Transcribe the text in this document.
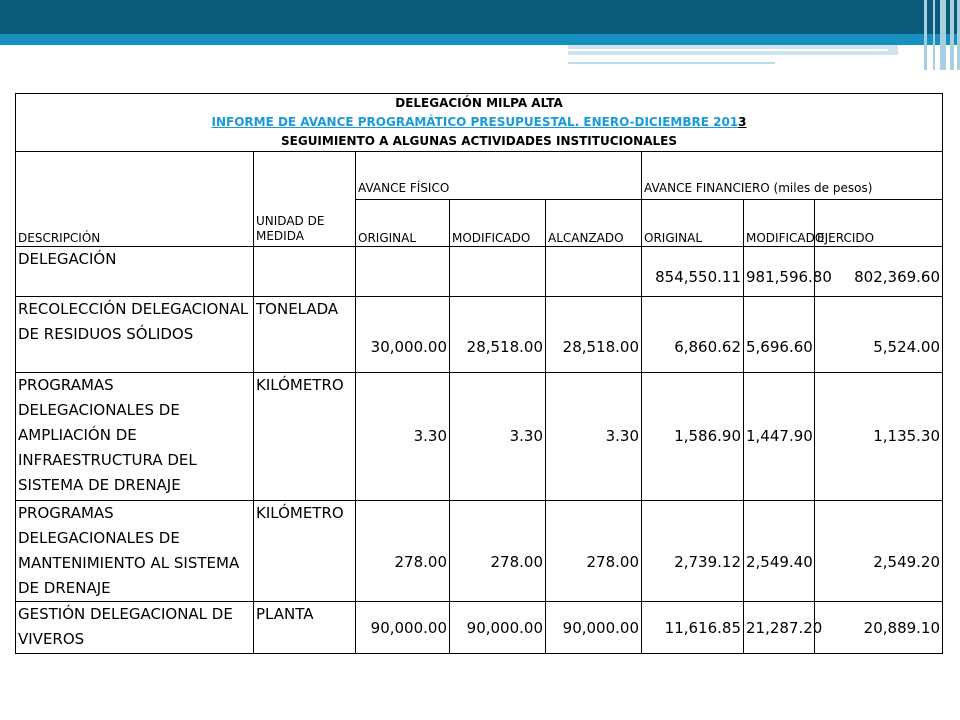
DELEGACIÓN MILPA ALTA
INFORME DE AVANCE PROGRAMÁTICO PRESUPUESTAL. ENERO-DICIEMBRE 2013
SEGUIMIENTO A ALGUNAS ACTIVIDADES INSTITUCIONALES							

DESCRIPCIÓN	UNIDAD DE MEDIDA	AVANCE FÍSICO			AVANCE FINANCIERO (miles de pesos)		
		ORIGINAL	MODIFICADO	ALCANZADO	ORIGINAL	MODIFICADO	EJERCIDO
DELEGACIÓN					854,550.11	981,596.80	802,369.60
RECOLECCIÓN DELEGACIONAL DE RESIDUOS SÓLIDOS	TONELADA	30,000.00	28,518.00	28,518.00	6,860.62	5,696.60	5,524.00
PROGRAMAS DELEGACIONALES DE AMPLIACIÓN DE INFRAESTRUCTURA DEL SISTEMA DE DRENAJE	KILÓMETRO	3.30	3.30	3.30	1,586.90	1,447.90	1,135.30
PROGRAMAS DELEGACIONALES DE MANTENIMIENTO AL SISTEMA DE DRENAJE	KILÓMETRO	278.00	278.00	278.00	2,739.12	2,549.40	2,549.20
GESTIÓN DELEGACIONAL DE VIVEROS	PLANTA	90,000.00	90,000.00	90,000.00	11,616.85	21,287.20	20,889.10
